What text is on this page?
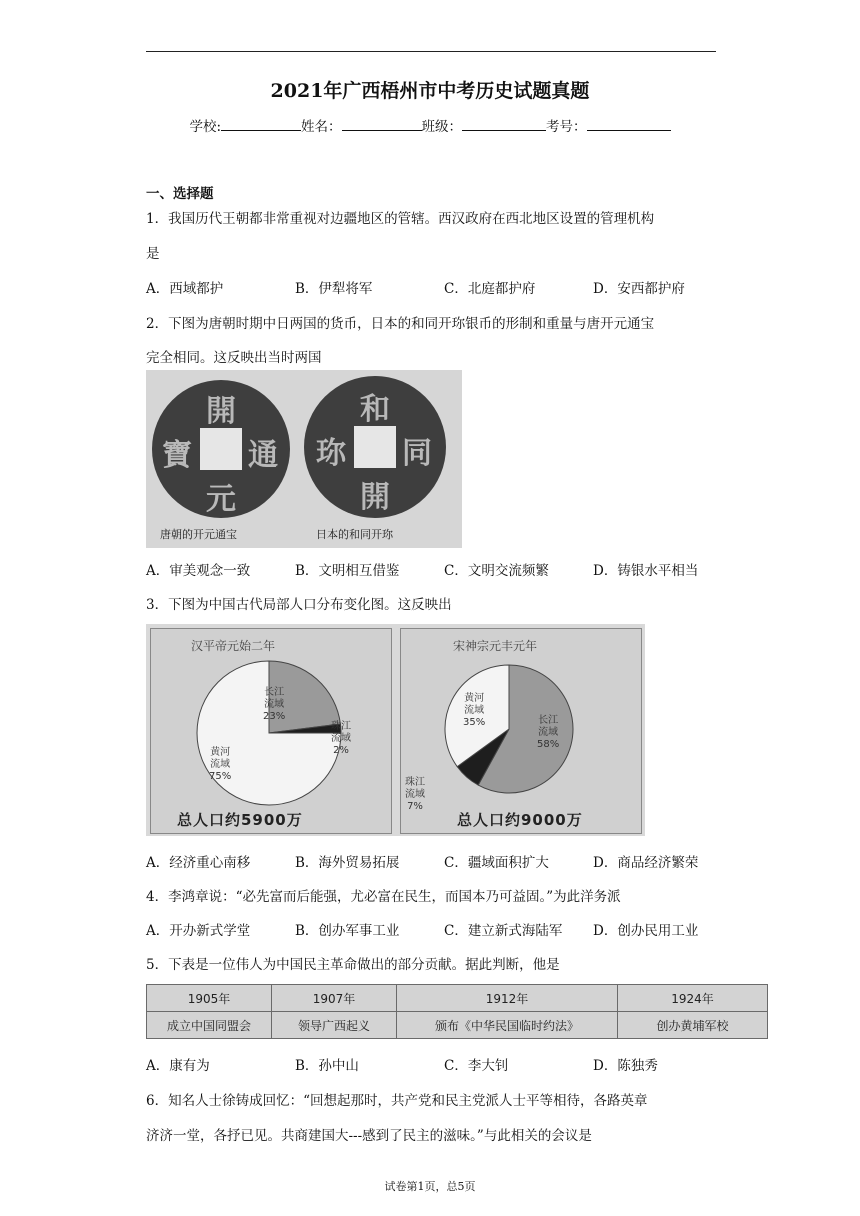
2021年广西梧州市中考历史试题真题
学校:	姓名：	班级：	考号：
一、选择题
1．我国历代王朝都非常重视对边疆地区的管辖。西汉政府在西北地区设置的管理机构
是
A．西域都护	B．伊犁将军	C．北庭都护府	D．安西都护府
2．下图为唐朝时期中日两国的货币，日本的和同开珎银币的形制和重量与唐开元通宝
完全相同。这反映出当时两国
開
通
元
寶
和
同
開
珎
唐朝的开元通宝	日本的和同开珎
A．审美观念一致	B．文明相互借鉴	C．文明交流频繁	D．铸银水平相当
3．下图为中国古代局部人口分布变化图。这反映出
汉平帝元始二年
长江
流域
23%
珠江
流域
2%
黄河
流域
75%
总人口约5900万
宋神宗元丰元年
长江
流域
58%
珠江
流域
7%
黄河
流域
35%
总人口约9000万
A．经济重心南移	B．海外贸易拓展	C．疆域面积扩大	D．商品经济繁荣
4．李鸿章说：“必先富而后能强，尤必富在民生，而国本乃可益固。”为此洋务派
A．开办新式学堂	B．创办军事工业	C．建立新式海陆军 D．创办民用工业
5．下表是一位伟人为中国民主革命做出的部分贡献。据此判断，他是
1905年	1907年	1912年	1924年
成立中国同盟会	领导广西起义	颁布《中华民国临时约法》	创办黄埔军校
A．康有为	B．孙中山	C．李大钊	D．陈独秀
6．知名人士徐铸成回忆：“回想起那时，共产党和民主党派人士平等相待，各路英章
济济一堂，各抒已见。共商建国大---感到了民主的滋味。”与此相关的会议是
试卷第1页，总5页
